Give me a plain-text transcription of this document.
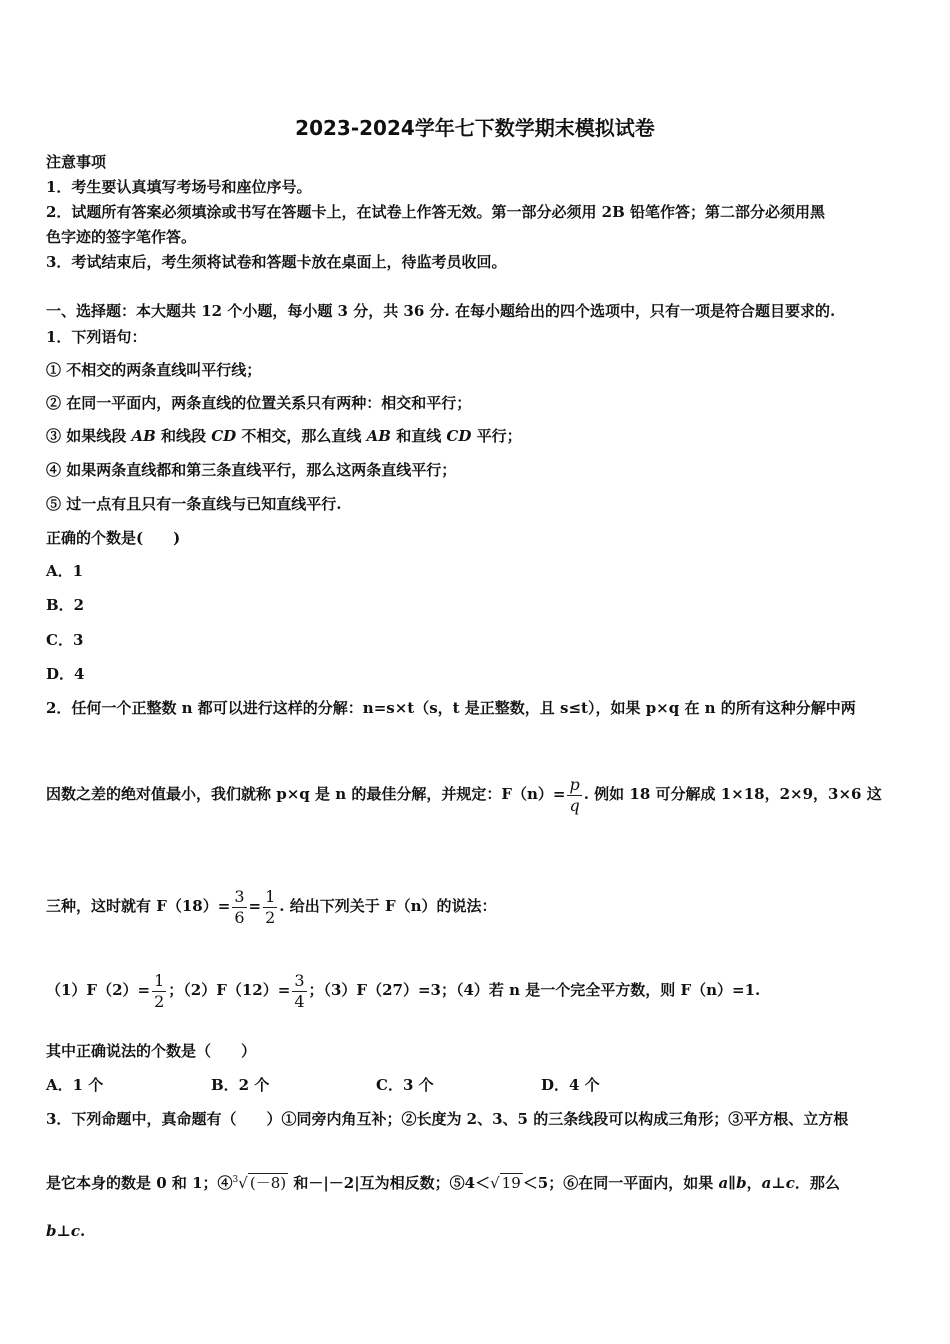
2023-2024学年七下数学期末模拟试卷
注意事项
1．考生要认真填写考场号和座位序号。
2．试题所有答案必须填涂或书写在答题卡上，在试卷上作答无效。第一部分必须用 2B 铅笔作答；第二部分必须用黑
色字迹的签字笔作答。
3．考试结束后，考生须将试卷和答题卡放在桌面上，待监考员收回。
一、选择题：本大题共 12 个小题，每小题 3 分，共 36 分. 在每小题给出的四个选项中，只有一项是符合题目要求的.
1．下列语句：
① 不相交的两条直线叫平行线；
② 在同一平面内，两条直线的位置关系只有两种：相交和平行；
③ 如果线段 AB 和线段 CD 不相交，那么直线 AB 和直线 CD 平行；
④ 如果两条直线都和第三条直线平行，那么这两条直线平行；
⑤ 过一点有且只有一条直线与已知直线平行.
正确的个数是(　　)
A．1
B．2
C．3
D．4
2．任何一个正整数 n 都可以进行这样的分解：n=s×t（s，t 是正整数，且 s≤t），如果 p×q 在 n 的所有这种分解中两
因数之差的绝对值最小，我们就称 p×q 是 n 的最佳分解，并规定：$F(n)= \frac{p}{q}$ . 例如 18 可分解成 1×18，2×9，3×6 这
三种，这时就有 $F(18)= \frac{3}{6} = \frac{1}{2}$ . 给出下列关于 F（n）的说法：
$(1)F(2)= \frac{1}{2}$ ；$(2)F(12)= \frac{3}{4}$ ；（3）F（27）=3；（4）若 n 是一个完全平方数，则 F（n）=1.
其中正确说法的个数是（　　）
A．1 个	B．2 个	C．3 个	D．4 个
3．下列命题中，真命题有（　　）①同旁内角互补；②长度为 2、3、5 的三条线段可以构成三角形；③平方根、立方根
是它本身的数是 0 和 1；④$^3$√ (－8) 和－|－2|互为相反数；⑤4＜√ 19 ＜5；⑥在同一平面内，如果 a∥b，a⊥c．那么
b⊥c.
